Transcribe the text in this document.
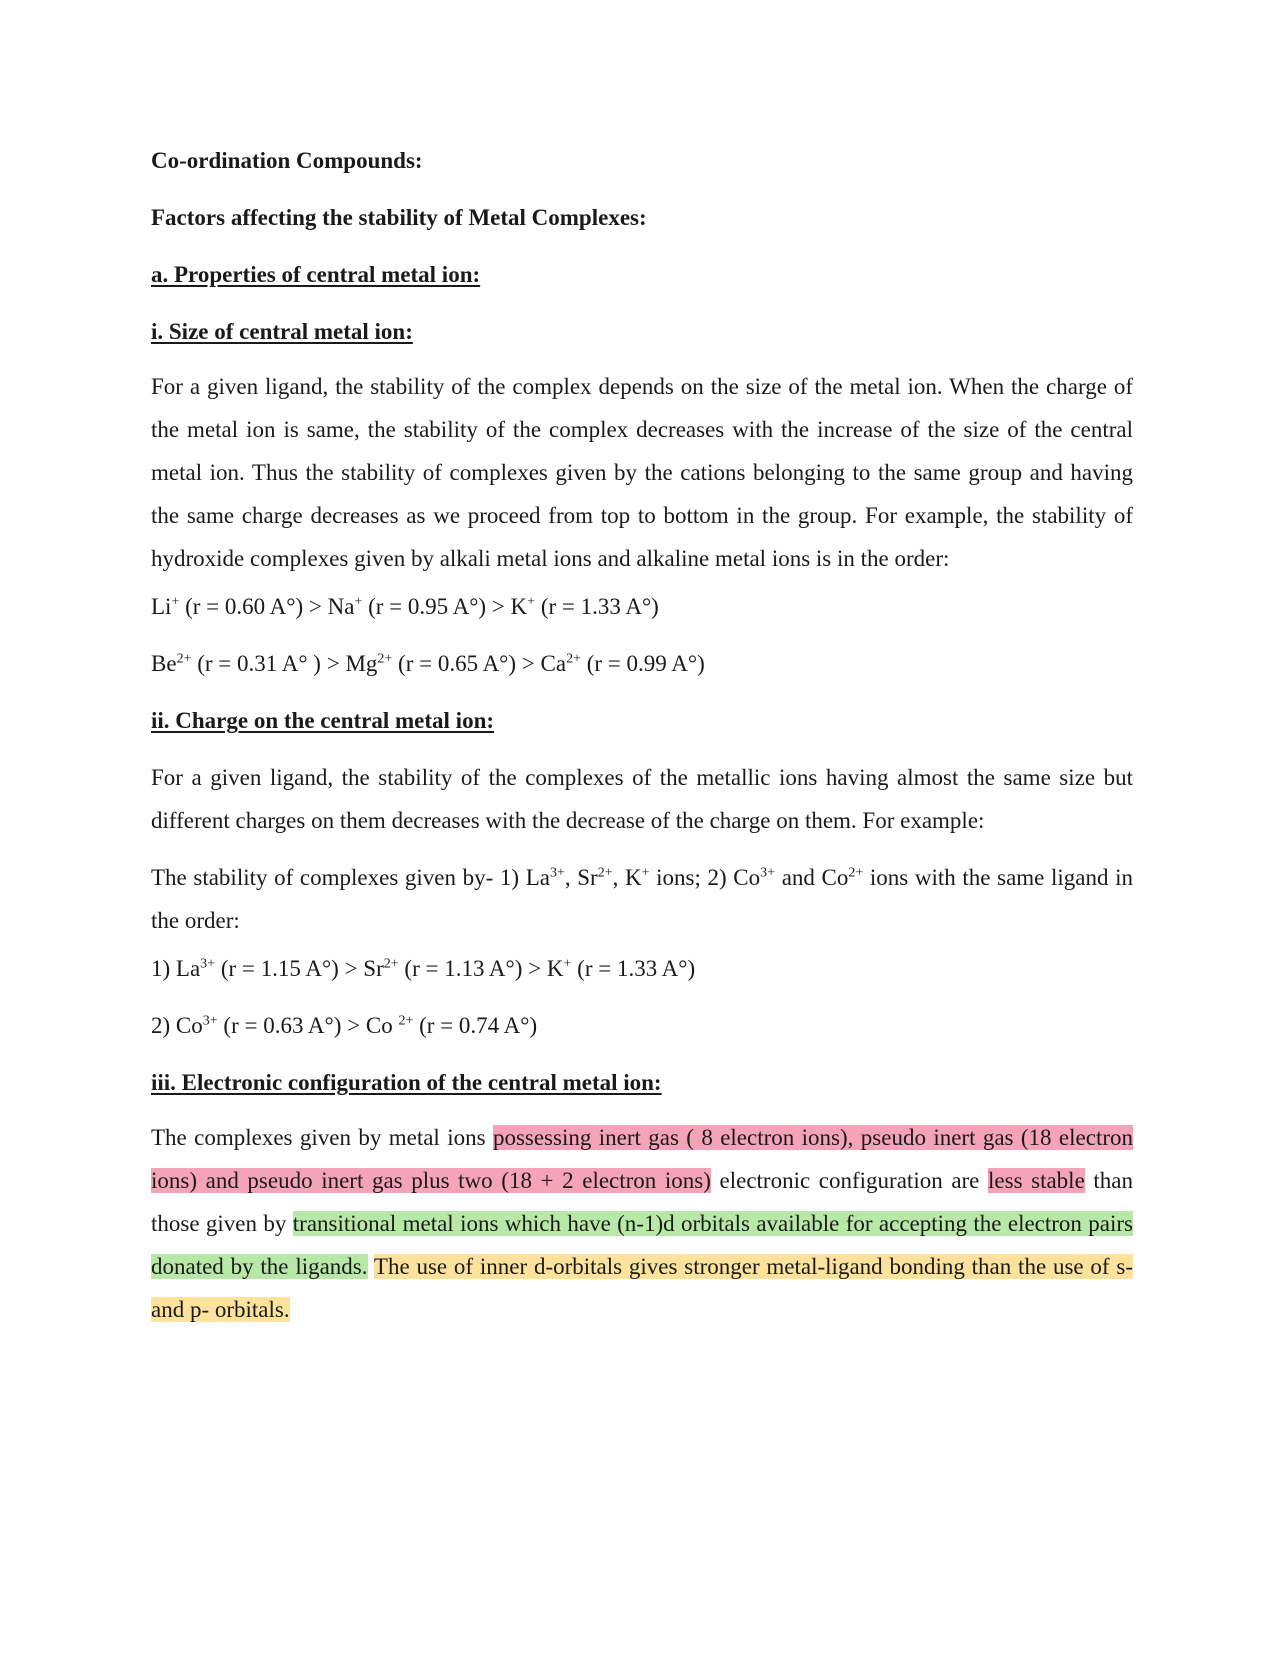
Co-ordination Compounds:

Factors affecting the stability of Metal Complexes:

a. Properties of central metal ion:

i. Size of central metal ion:

For a given ligand, the stability of the complex depends on the size of the metal ion. When the charge of the metal ion is same, the stability of the complex decreases with the increase of the size of the central metal ion. Thus the stability of complexes given by the cations belonging to the same group and having the same charge decreases as we proceed from top to bottom in the group. For example, the stability of hydroxide complexes given by alkali metal ions and alkaline metal ions is in the order:

Li+ (r = 0.60 A°) > Na+ (r = 0.95 A°) > K+ (r = 1.33 A°)

$Be^{2+}$ (r = 0.31 A° ) > $Mg^{2+}$ (r = 0.65 $A^\circ) > Ca^{2+}$ (r = 0.99 A°)

ii. Charge on the central metal ion:

For a given ligand, the stability of the complexes of the metallic ions having almost the same size but different charges on them decreases with the decrease of the charge on them. For example:

The stability of complexes given by- 1) $La^{3+}$, $Sr^{2+}$, K+ ions; 2) $Co^{3+}$ and $Co^{2+}$ ions with the same ligand in the order:

1) $La^{3+}$ (r = 1.15 $A^\circ) > Sr^{2+}$ (r = 1.13 A°) > K+ (r = 1.33 A°)

2) $Co^{3+}$ (r = 0.63 A°) > Co $^{2+}$ (r = 0.74 A°)

iii. Electronic configuration of the central metal ion:

The complexes given by metal ions possessing inert gas ( 8 electron ions), pseudo inert gas (18 electron ions) and pseudo inert gas plus two (18 + 2 electron ions) electronic configuration are less stable than those given by transitional metal ions which have (n-1)d orbitals available for accepting the electron pairs donated by the ligands. The use of inner d-orbitals gives stronger metal-ligand bonding than the use of s- and p- orbitals.
